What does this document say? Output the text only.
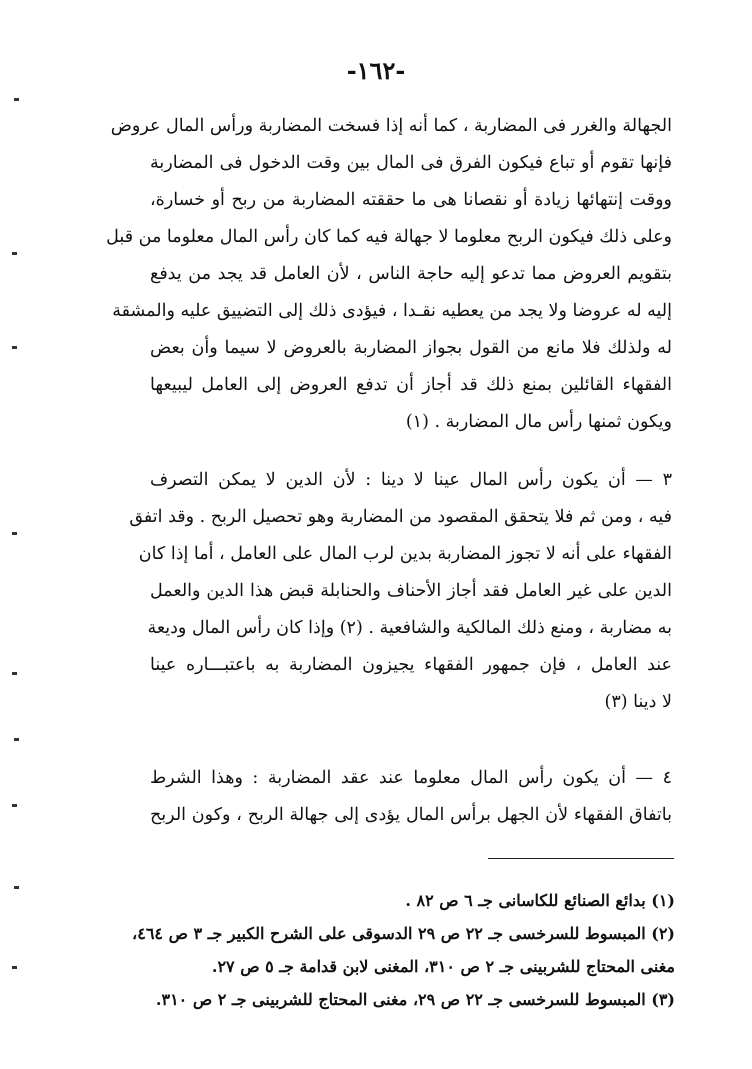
-١٦٢-
الجهالة والغرر فى المضاربة ، كما أنه إذا فسخت المضاربة ورأس المال عروض
فإنها تقوم أو تباع فيكون الفرق فى المال بين وقت الدخول فى المضاربة
ووقت إنتهائها زيادة أو نقصانا هى ما حققته المضاربة من ربح أو خسارة،
وعلى ذلك فيكون الربح معلوما لا جهالة فيه كما كان رأس المال معلوما من قبل
بتقويم العروض مما تدعو إليه حاجة الناس ، لأن العامل قد يجد من يدفع
إليه له عروضا ولا يجد من يعطيه نقـدا ، فيؤدى ذلك إلى التضييق عليه والمشقة
له ولذلك فلا مانع من القول بجواز المضاربة بالعروض لا سيما وأن بعض
الفقهاء القائلين بمنع ذلك قد أجاز أن تدفع العروض إلى العامل ليبيعها
ويكون ثمنها رأس مال المضاربة . (١)
٣ — أن يكون رأس المال عينا لا دينا : لأن الدين لا يمكن التصرف
فيه ، ومن ثم فلا يتحقق المقصود من المضاربة وهو تحصيل الربح . وقد اتفق
الفقهاء على أنه لا تجوز المضاربة بدين لرب المال على العامل ، أما إذا كان
الدين على غير العامل فقد أجاز الأحناف والحنابلة قبض هذا الدين والعمل
به مضاربة ، ومنع ذلك المالكية والشافعية . (٢) وإذا كان رأس المال وديعة
عند العامل ، فإن جمهور الفقهاء يجيزون المضاربة به باعتبـــاره عينا
لا دينا (٣)
٤ — أن يكون رأس المال معلوما عند عقد المضاربة : وهذا الشرط
باتفاق الفقهاء لأن الجهل برأس المال يؤدى إلى جهالة الربح ، وكون الربح
(١) بدائع الصنائع للكاسانى جـ ٦ ص ٨٢ .
(٢) المبسوط للسرخسى جـ ٢٢ ص ٢٩ الدسوقى على الشرح الكبير جـ ٣ ص ٤٦٤،
مغنى المحتاج للشربينى جـ ٢ ص ٣١٠، المغنى لابن قدامة جـ ٥ ص ٢٧.
(٣) المبسوط للسرخسى جـ ٢٢ ص ٢٩، مغنى المحتاج للشربينى جـ ٢ ص ٣١٠.
